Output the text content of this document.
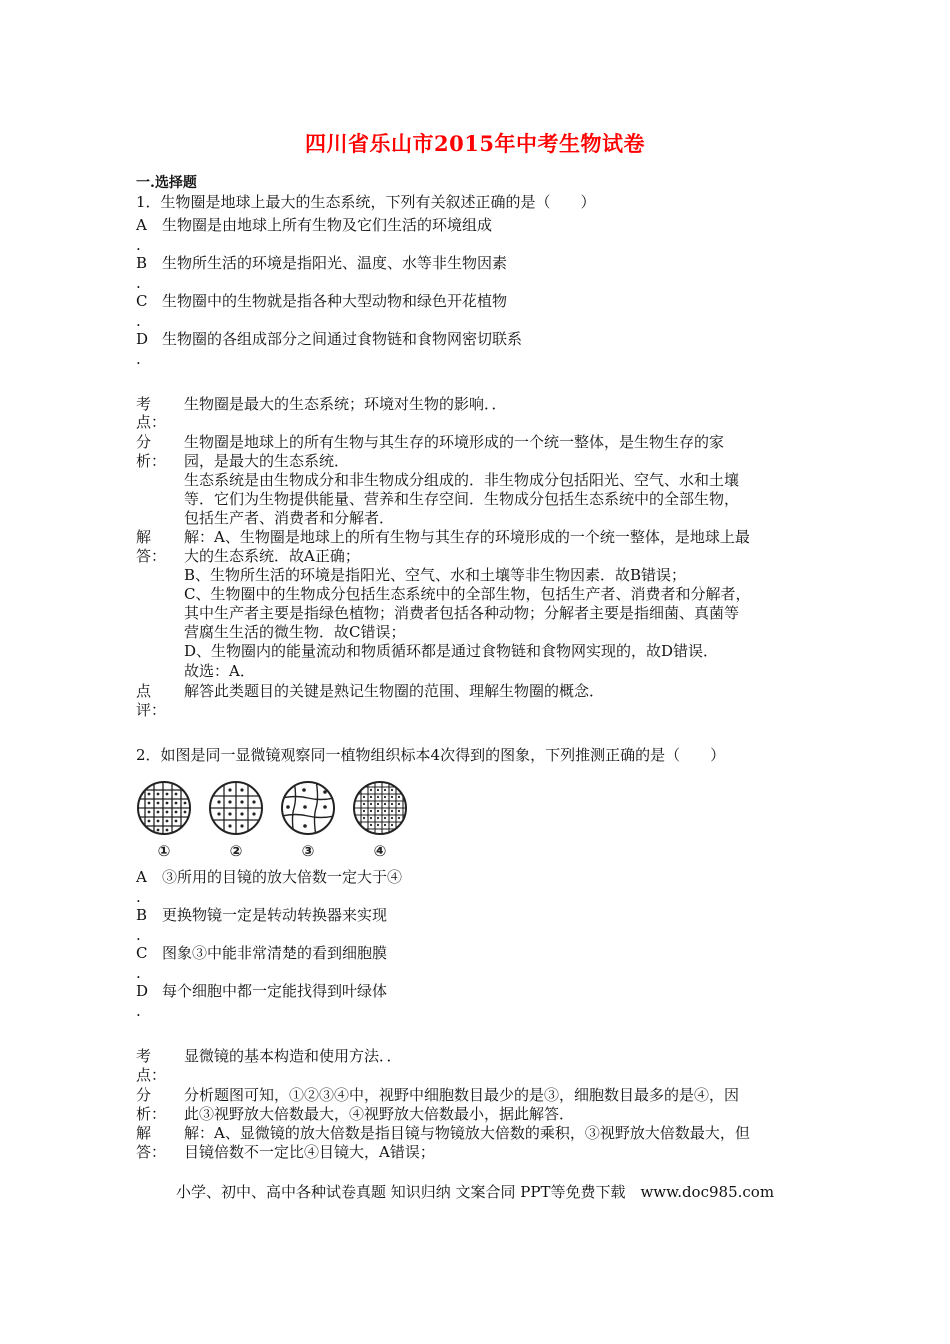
四川省乐山市2015年中考生物试卷
一.选择题
1．生物圈是地球上最大的生态系统，下列有关叙述正确的是（　　）
A
.
生物圈是由地球上所有生物及它们生活的环境组成
B
.
生物所生活的环境是指阳光、温度、水等非生物因素
C
.
生物圈中的生物就是指各种大型动物和绿色开花植物
D
.
生物圈的各组成部分之间通过食物链和食物网密切联系
考
点：
生物圈是最大的生态系统；环境对生物的影响．．
分
析：
生物圈是地球上的所有生物与其生存的环境形成的一个统一整体，是生物生存的家
园，是最大的生态系统．
生态系统是由生物成分和非生物成分组成的．非生物成分包括阳光、空气、水和土壤
等．它们为生物提供能量、营养和生存空间．生物成分包括生态系统中的全部生物，
包括生产者、消费者和分解者．
解
答：
解：A、生物圈是地球上的所有生物与其生存的环境形成的一个统一整体，是地球上最
大的生态系统．故A正确；
B、生物所生活的环境是指阳光、空气、水和土壤等非生物因素．故B错误；
C、生物圈中的生物成分包括生态系统中的全部生物，包括生产者、消费者和分解者，
其中生产者主要是指绿色植物；消费者包括各种动物；分解者主要是指细菌、真菌等
营腐生生活的微生物．故C错误；
D、生物圈内的能量流动和物质循环都是通过食物链和食物网实现的，故D错误．
故选：A．
点
评：
解答此类题目的关键是熟记生物圈的范围、理解生物圈的概念．
2．如图是同一显微镜观察同一植物组织标本4次得到的图象，下列推测正确的是（　　）
①	②	③	④
A
.
③所用的目镜的放大倍数一定大于④
B
.
更换物镜一定是转动转换器来实现
C
.
图象③中能非常清楚的看到细胞膜
D
.
每个细胞中都一定能找得到叶绿体
考
点：
显微镜的基本构造和使用方法．．
分
析：
分析题图可知，①②③④中，视野中细胞数目最少的是③，细胞数目最多的是④，因
此③视野放大倍数最大，④视野放大倍数最小，据此解答．
解
答：
解：A、显微镜的放大倍数是指目镜与物镜放大倍数的乘积，③视野放大倍数最大，但
目镜倍数不一定比④目镜大，A错误；
小学、初中、高中各种试卷真题 知识归纳 文案合同 PPT等免费下载　www.doc985.com
